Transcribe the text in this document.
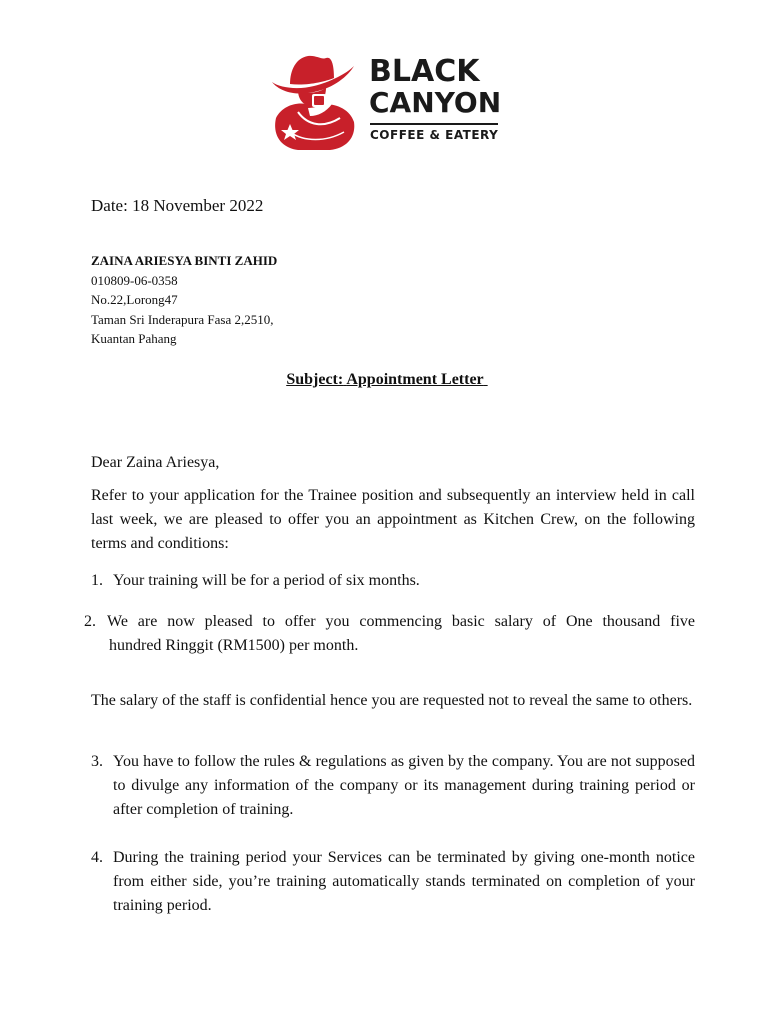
BLACK
CANYON
COFFEE & EATERY
Date: 18 November 2022
ZAINA ARIESYA BINTI ZAHID
010809-06-0358
No.22,Lorong47
Taman Sri Inderapura Fasa 2,2510,
Kuantan Pahang
Subject: Appointment Letter
Dear Zaina Ariesya,
Refer to your application for the Trainee position and subsequently an interview held in call last week, we are pleased to offer you an appointment as Kitchen Crew, on the following terms and conditions:
1. Your training will be for a period of six months.
2. We are now pleased to offer you commencing basic salary of One thousand five
hundred Ringgit (RM1500) per month.
The salary of the staff is confidential hence you are requested not to reveal the same to others.
3. You have to follow the rules & regulations as given by the company. You are not supposed to divulge any information of the company or its management during training period or after completion of training.
4. During the training period your Services can be terminated by giving one-month notice from either side, you’re training automatically stands terminated on completion of your training period.
